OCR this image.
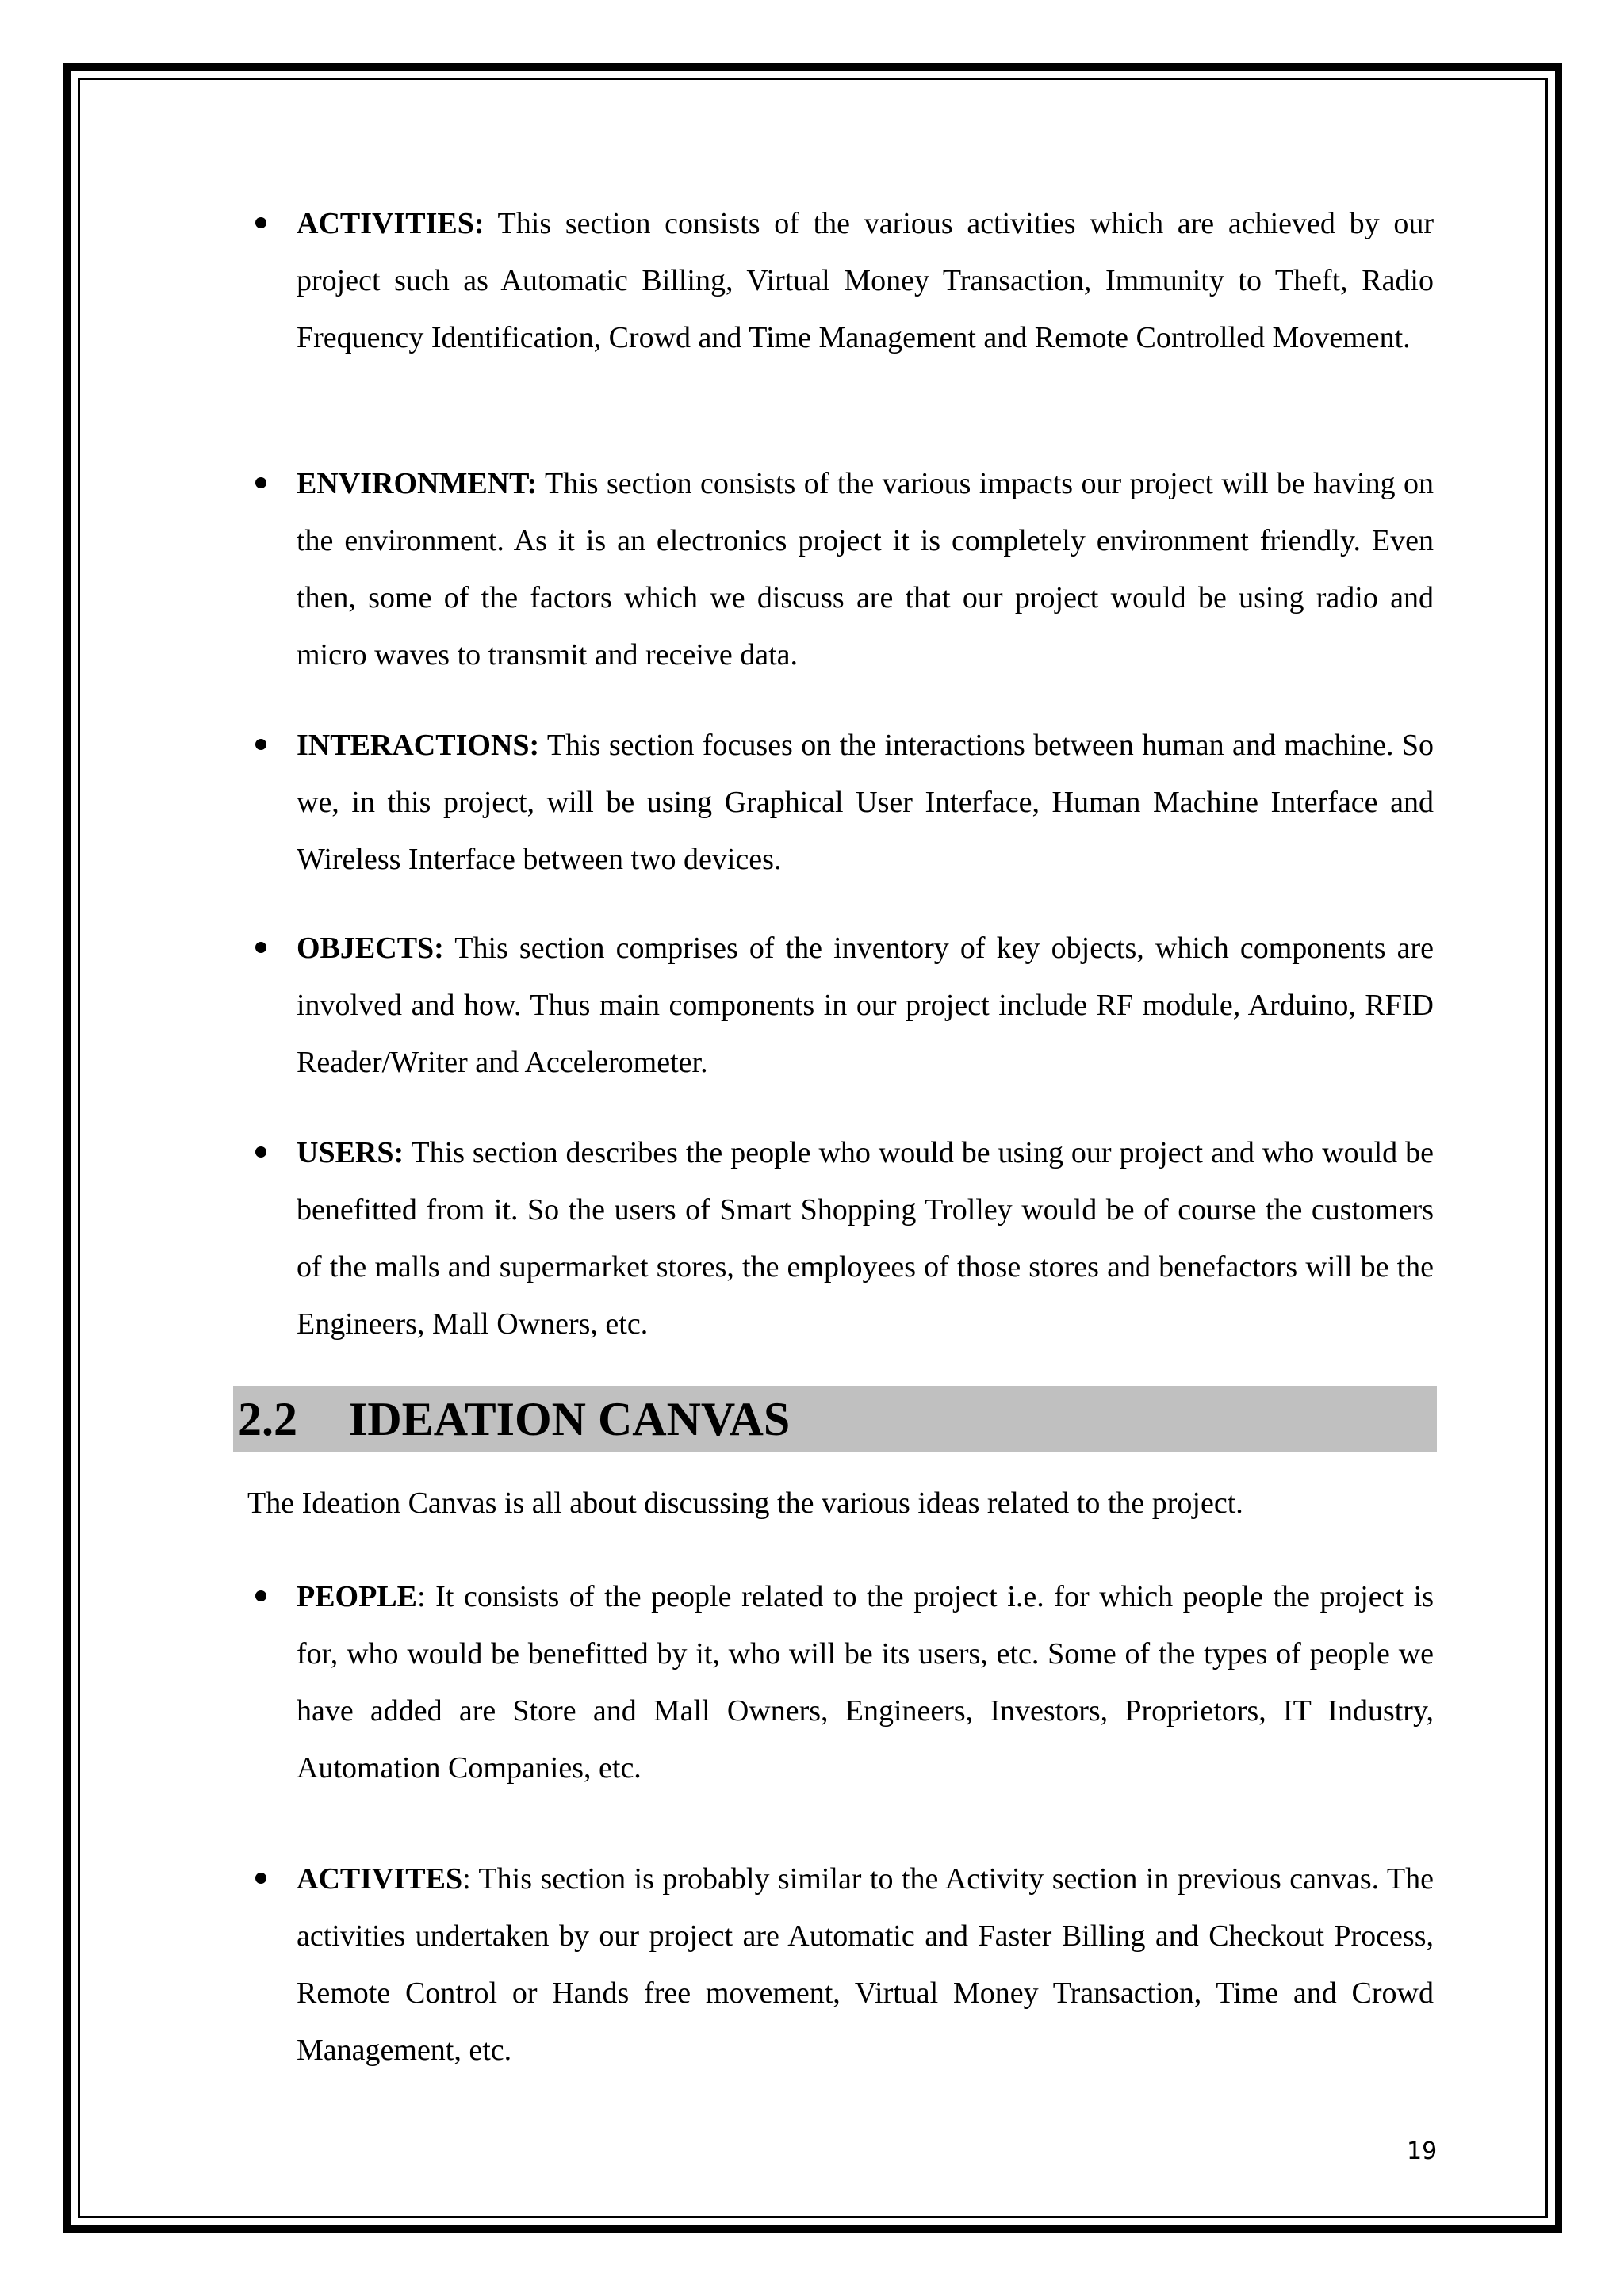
ACTIVITIES: This section consists of the various activities which are achieved by our project such as Automatic Billing, Virtual Money Transaction, Immunity to Theft, Radio Frequency Identification, Crowd and Time Management and Remote Controlled Movement.
ENVIRONMENT: This section consists of the various impacts our project will be having on the environment. As it is an electronics project it is completely environment friendly. Even then, some of the factors which we discuss are that our project would be using radio and micro waves to transmit and receive data.
INTERACTIONS: This section focuses on the interactions between human and machine. So we, in this project, will be using Graphical User Interface, Human Machine Interface and Wireless Interface between two devices.
OBJECTS: This section comprises of the inventory of key objects, which components are involved and how. Thus main components in our project include RF module, Arduino, RFID Reader/Writer and Accelerometer.
USERS: This section describes the people who would be using our project and who would be benefitted from it. So the users of Smart Shopping Trolley would be of course the customers of the malls and supermarket stores, the employees of those stores and benefactors will be the Engineers, Mall Owners, etc.
2.2 IDEATION CANVAS
The Ideation Canvas is all about discussing the various ideas related to the project.
PEOPLE: It consists of the people related to the project i.e. for which people the project is for, who would be benefitted by it, who will be its users, etc. Some of the types of people we have added are Store and Mall Owners, Engineers, Investors, Proprietors, IT Industry, Automation Companies, etc.
ACTIVITES: This section is probably similar to the Activity section in previous canvas. The activities undertaken by our project are Automatic and Faster Billing and Checkout Process, Remote Control or Hands free movement, Virtual Money Transaction, Time and Crowd Management, etc.
19
